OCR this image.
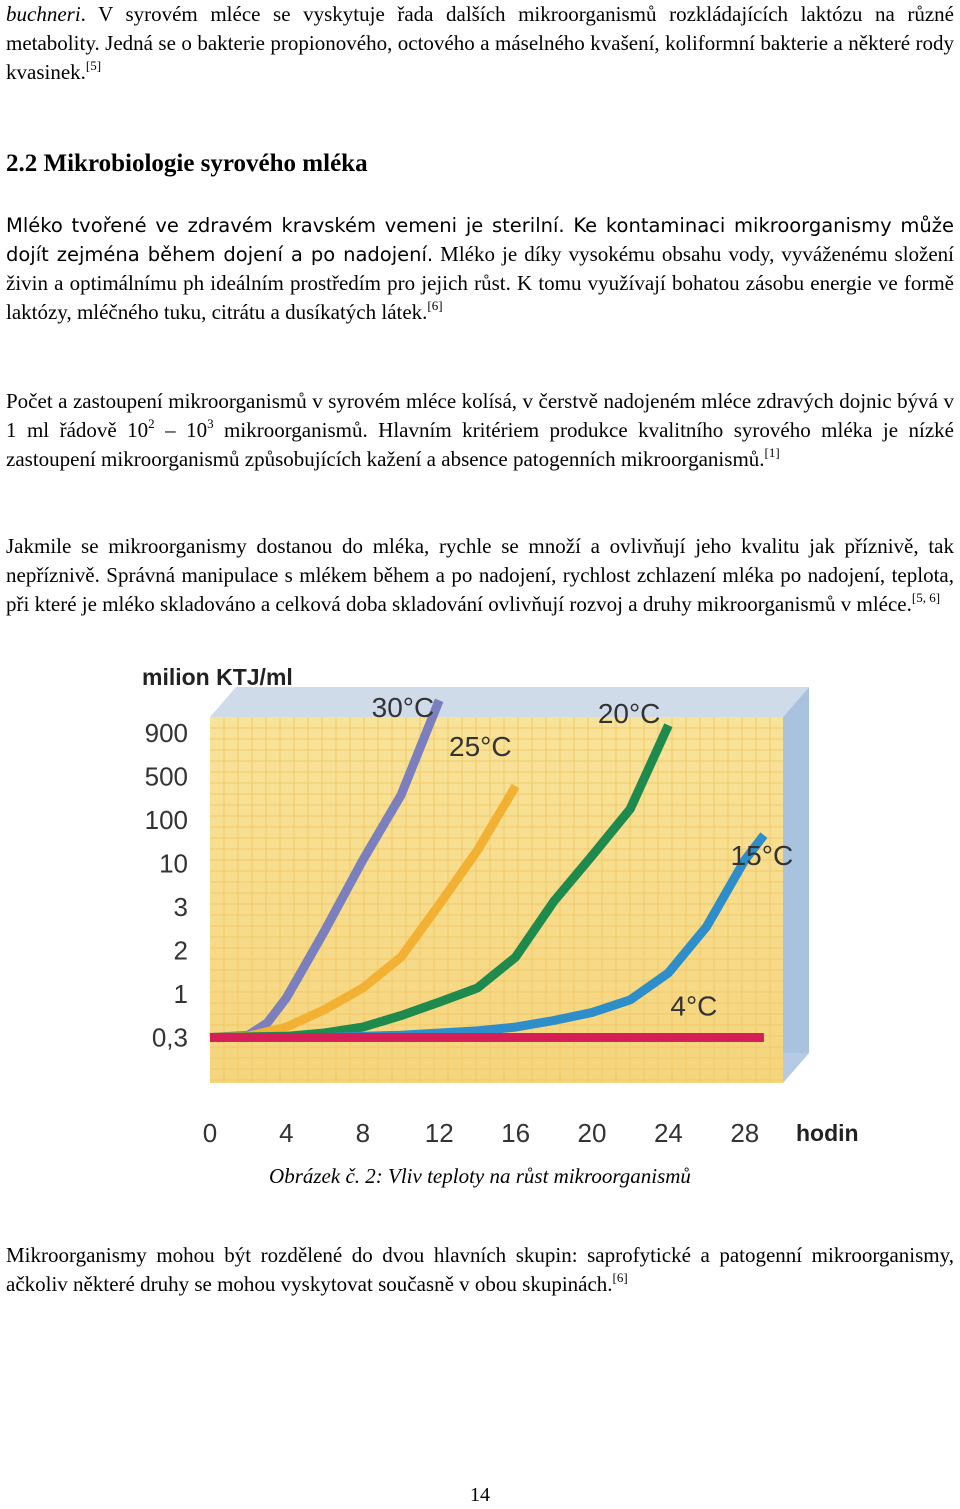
buchneri. V syrovém mléce se vyskytuje řada dalších mikroorganismů rozkládajících laktózu na různé metabolity. Jedná se o bakterie propionového, octového a máselného kvašení, koliformní bakterie a některé rody kvasinek.[5]

2.2 Mikrobiologie syrového mléka

Mléko tvořené ve zdravém kravském vemeni je sterilní. Ke kontaminaci mikroorganismy může dojít zejména během dojení a po nadojení. Mléko je díky vysokému obsahu vody, vyváženému složení živin a optimálnímu ph ideálním prostředím pro jejich růst. K tomu využívají bohatou zásobu energie ve formě laktózy, mléčného tuku, citrátu a dusíkatých látek.[6]

Počet a zastoupení mikroorganismů v syrovém mléce kolísá, v čerstvě nadojeném mléce zdravých dojnic bývá v 1 ml řádově $10^2 - 10^3$ mikroorganismů. Hlavním kritériem produkce kvalitního syrového mléka je nízké zastoupení mikroorganismů způsobujících kažení a absence patogenních mikroorganismů.[1]

Jakmile se mikroorganismy dostanou do mléka, rychle se množí a ovlivňují jeho kvalitu jak příznivě, tak nepříznivě. Správná manipulace s mlékem během a po nadojení, rychlost zchlazení mléka po nadojení, teplota, při které je mléko skladováno a celková doba skladování ovlivňují rozvoj a druhy mikroorganismů v mléce.[5, 6]

milion KTJ/ml
hodin
900
500
100
10
3
2
1
0,3
0 4 8 12 16 20 24 28
30°C
25°C
20°C
15°C
4°C
Obrázek č. 2: Vliv teploty na růst mikroorganismů

Mikroorganismy mohou být rozdělené do dvou hlavních skupin: saprofytické a patogenní mikroorganismy, ačkoliv některé druhy se mohou vyskytovat současně v obou skupinách.[6]

14
